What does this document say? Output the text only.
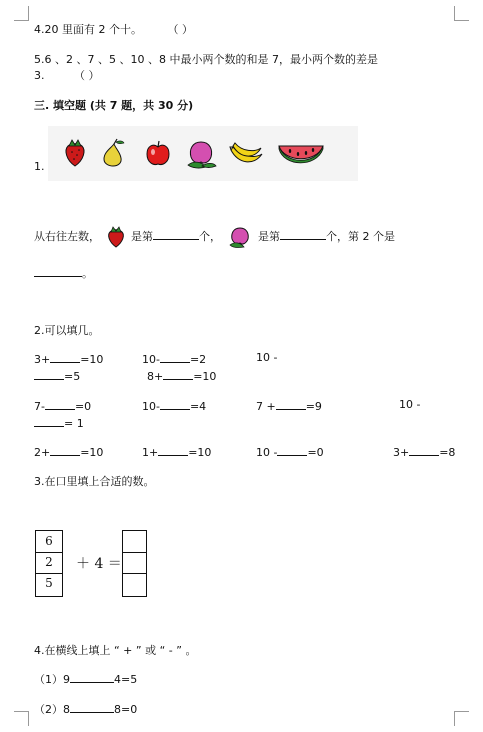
4.20 里面有 2 个十。 （ ）
5.6 、2 、7 、5 、10 、8 中最小两个数的和是 7，最小两个数的差是
3.	（ ）
三. 填空题 (共 7 题，共 30 分)
1.
从右往左数，	是第	个，	是第	个，第 2 个是
。
2.可以填几。
3+	=10	10-	=2	10 -
=5	8+	=10
7-	=0	10-	=4	7 +	=9	10 -
= 1
2+	=10	1+	=10	10 -	=0	3+	=8
3.在口里填上合适的数。
6
2
5
＋ 4 ＝
4.在横线上填上 “ + ” 或 “ - ” 。
（1）9	4=5
（2）8	8=0
